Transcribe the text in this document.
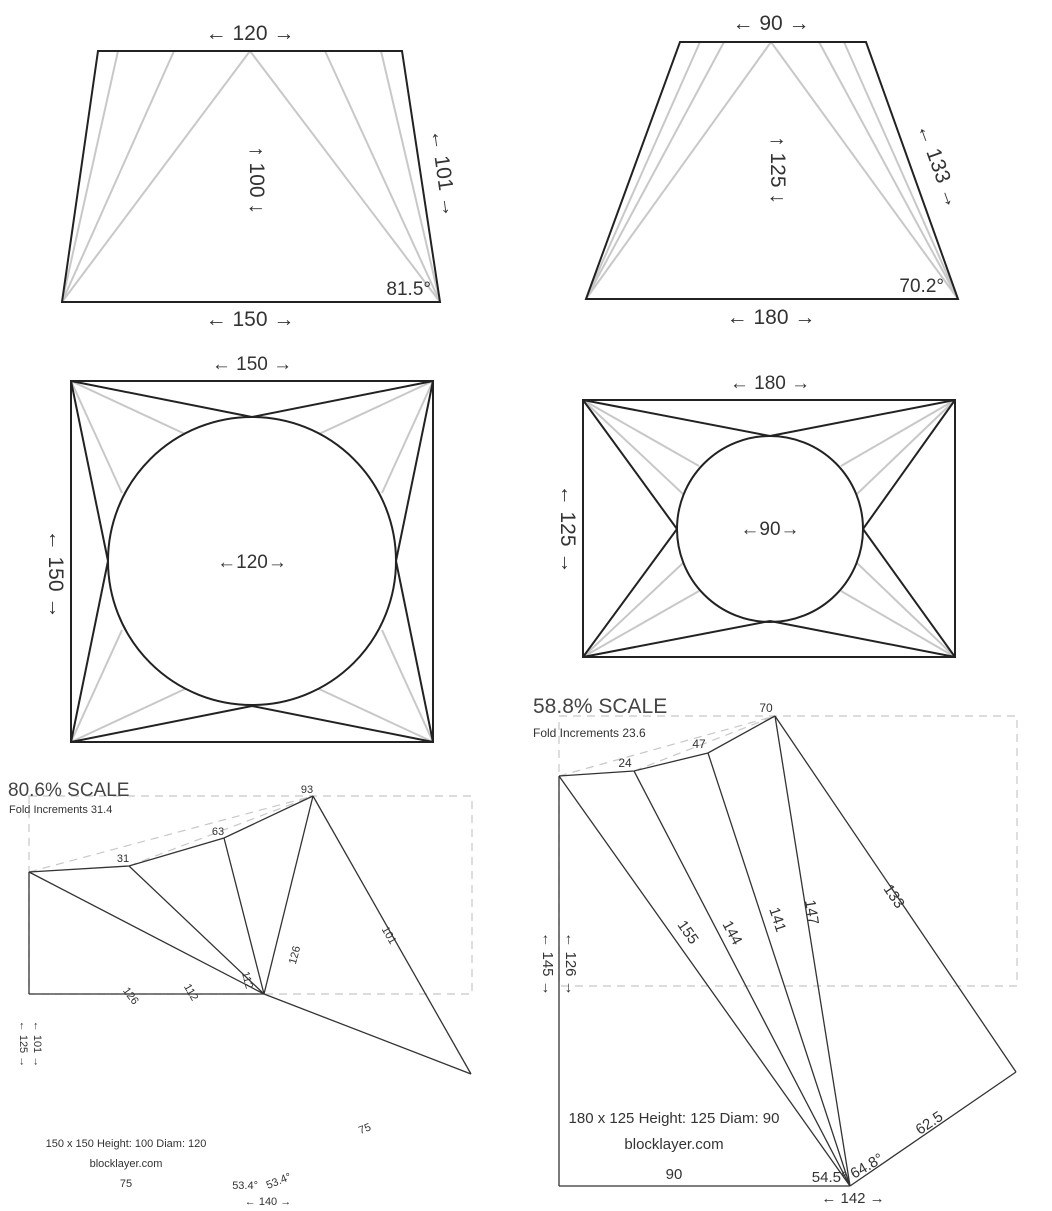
← 120 →
↑ 100 ↓	← 101 →
81.5°
← 150 →
← 90 →
↑ 125 ↓	← 133 →
70.2°
← 180 →
← 150 →
← 150 →	←120→
← 180 →
← 125 →	←90→
80.6% SCALE
Fold Increments 31.4
31
63
93
126	112
112
126
101
← 125 → ← 101 →
150 x 150 Height: 100 Diam: 120
blocklayer.com
75	53.4° 53.4°
75
← 140 →
58.8% SCALE
Fold Increments 23.6
24
47
70
155 144 141 147
133
← 145 → ← 126 →
180 x 125 Height: 125 Diam: 90
blocklayer.com
90	54.5° 64.8°
62.5
← 142 →
